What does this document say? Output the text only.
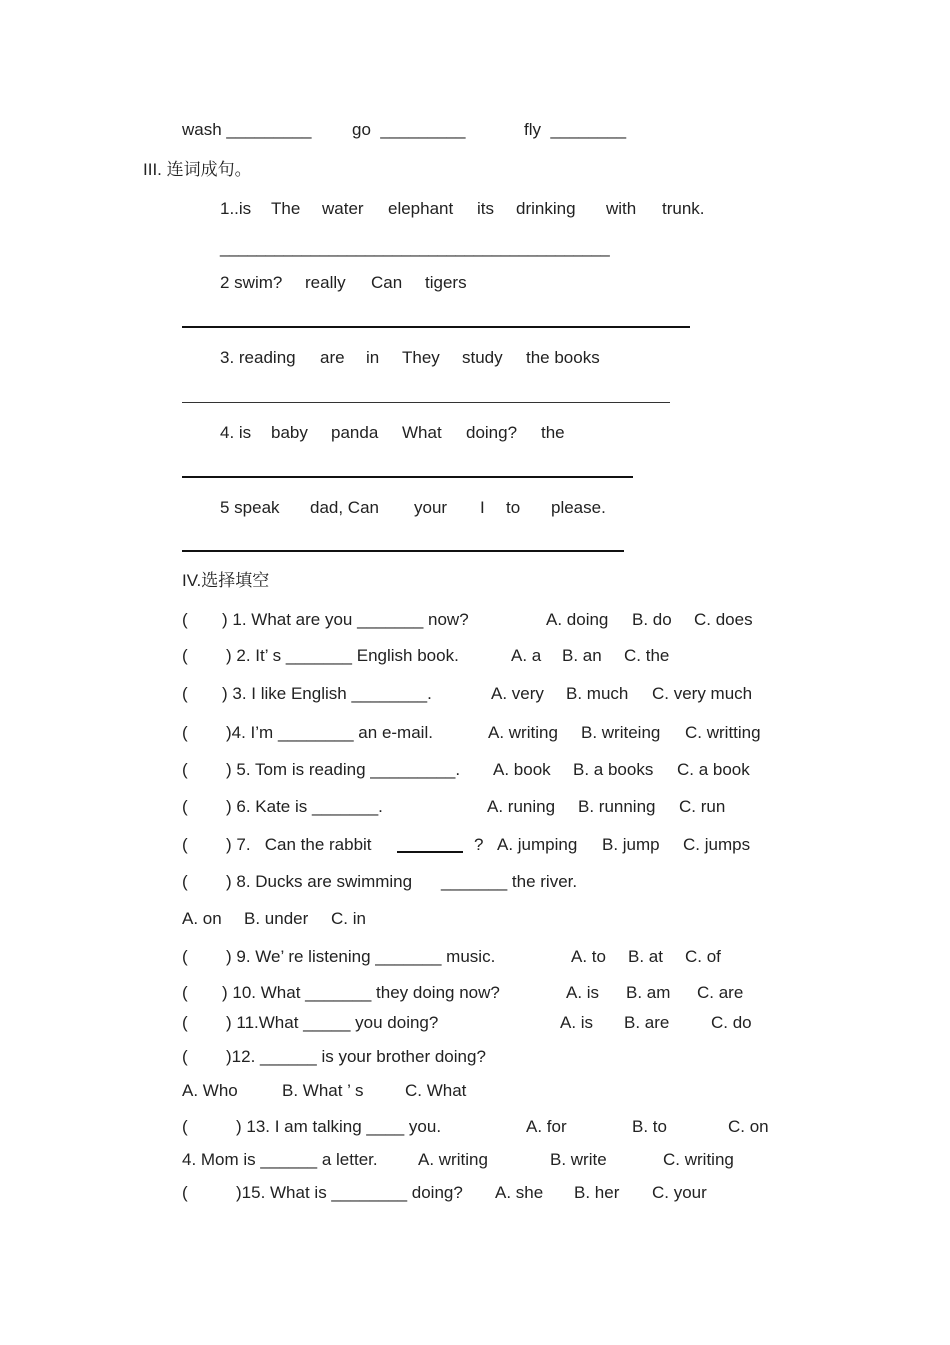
wash _________ go  _________	fly  ________
III. 连词成句。
1..is The water elephant its drinking with trunk.
___________________________________________
2 swim? really Can tigers
3. reading are in They study the books
4. is baby panda What doing? the
5 speak dad, Can your I to please.
IV.选择填空
( ) 1. What are you _______ now?	A. doing B. do C. does
( ) 2. It’ s _______ English book.	A. a B. an C. the
( ) 3. I like English ________.	A. very B. much C. very much
( )4. I’m ________ an e-mail.	A. writing B. writeing C. writting
( ) 5. Tom is reading _________. A. book B. a books C. a book
( ) 6. Kate is _______.	A. runing B. running C. run
( ) 7.   Can the rabbit	? A. jumping B. jump C. jumps
( ) 8. Ducks are swimming _______ the river.
A. on B. under C. in
( ) 9. We’ re listening _______ music.	A. to B. at C. of
( ) 10. What _______ they doing now?	A. is B. am C. are
( ) 11.What _____ you doing?	A. is B. are C. do
( )12. ______ is your brother doing?
A. Who	B. What ’ s C. What
(	) 13. I am talking ____ you.	A. for	B. to	C. on
4. Mom is ______ a letter. A. writing	B. write	C. writing
(	)15. What is ________ doing? A. she B. her C. your
